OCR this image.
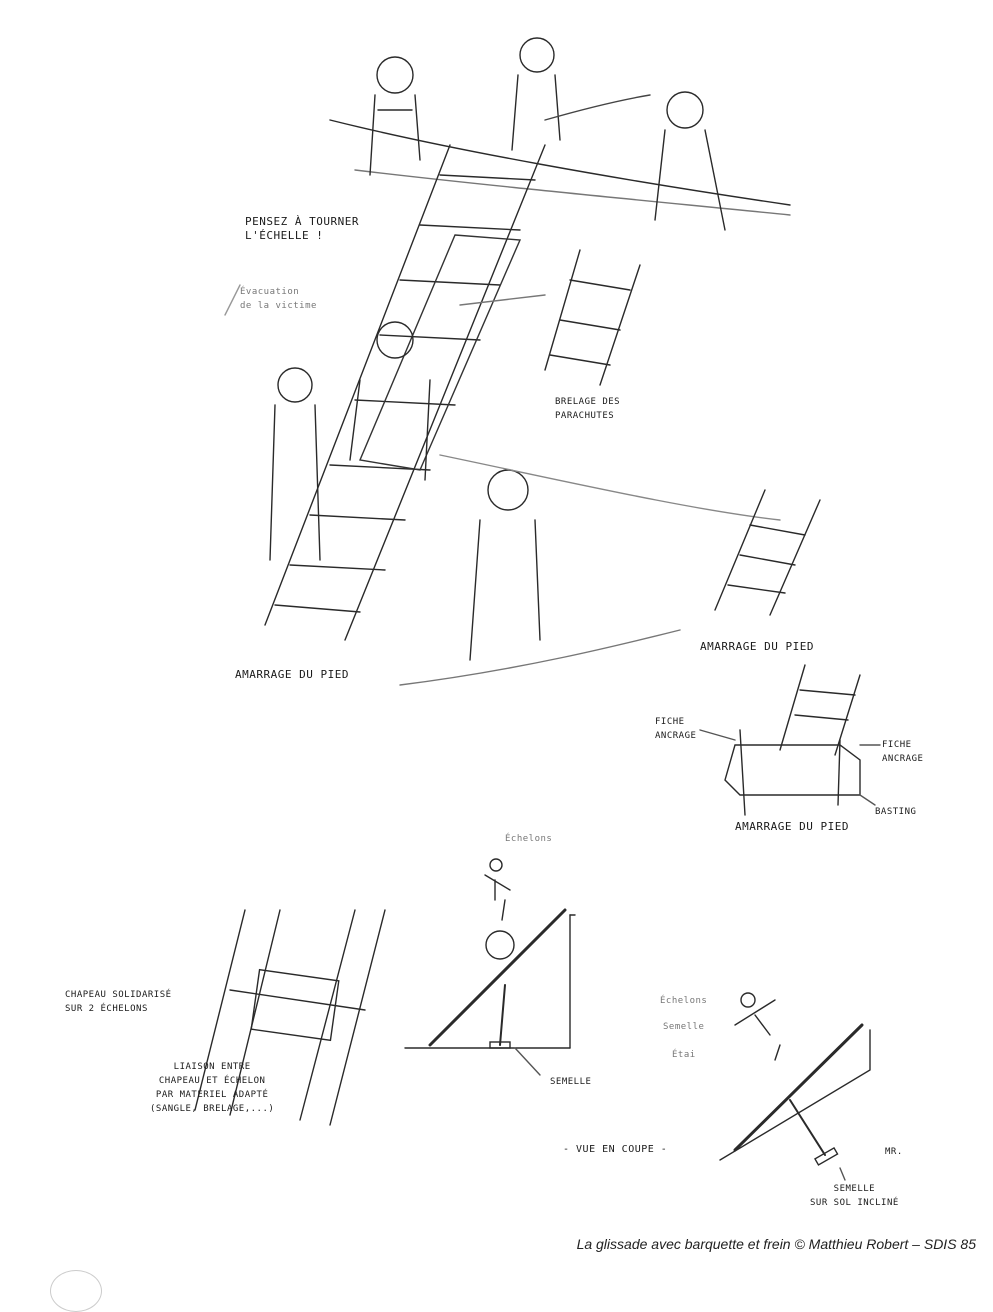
PENSEZ À TOURNER
L'ÉCHELLE !
Évacuation
de la victime
BRELAGE DES
PARACHUTES
AMARRAGE DU PIED
AMARRAGE DU PIED
FICHE
ANCRAGE
FICHE
ANCRAGE
BASTING
AMARRAGE DU PIED
CHAPEAU SOLIDARISÉ
SUR 2 ÉCHELONS
LIAISON ENTRE
CHAPEAU ET ÉCHELON
PAR MATÉRIEL ADAPTÉ
(SANGLE, BRELAGE,...)
Échelons
SEMELLE
- VUE EN COUPE -
Échelons
Semelle
Étai
SEMELLE
SUR SOL INCLINÉ
MR.
La glissade avec barquette et frein © Matthieu Robert – SDIS 85
